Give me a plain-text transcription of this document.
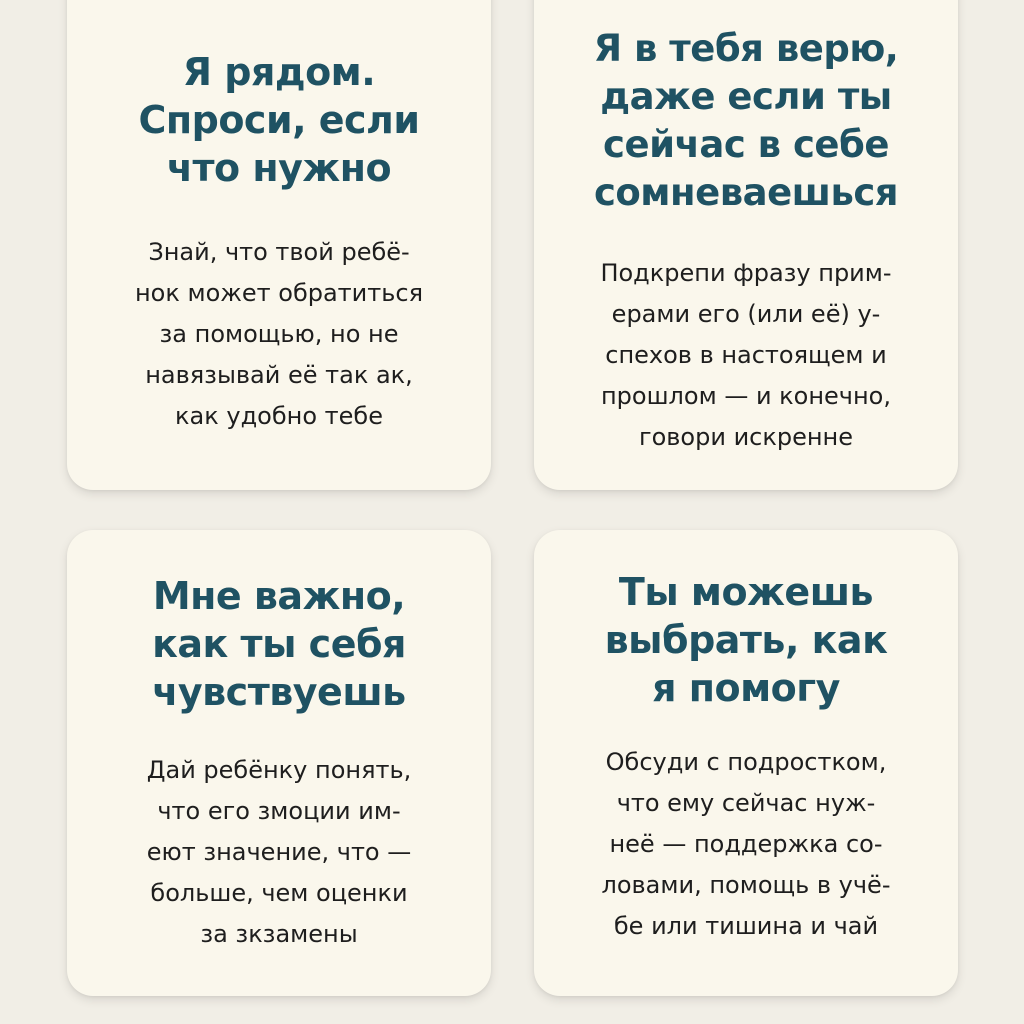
Я рядом.
Спроси, если
что нужно

Знай, что твой ребё-
нок может обратиться
за помощью, но не
навязывай её так ак,
как удобно тебе

Я в тебя верю,
даже если ты
сейчас в себе
сомневаешься

Подкрепи фразу прим-
ерами его (или её) у-
спехов в настоящем и
прошлом — и конечно,
говори искренне

Мне важно,
как ты себя
чувствуешь

Дай ребёнку понять,
что его змоции им-
еют значение, что —
больше, чем оценки
за зкзамены

Ты можешь
выбрать, как
я помогу

Обсуди с подростком,
что ему сейчас нуж-
неё — поддержка со-
ловами, помощь в учё-
бе или тишина и чай
